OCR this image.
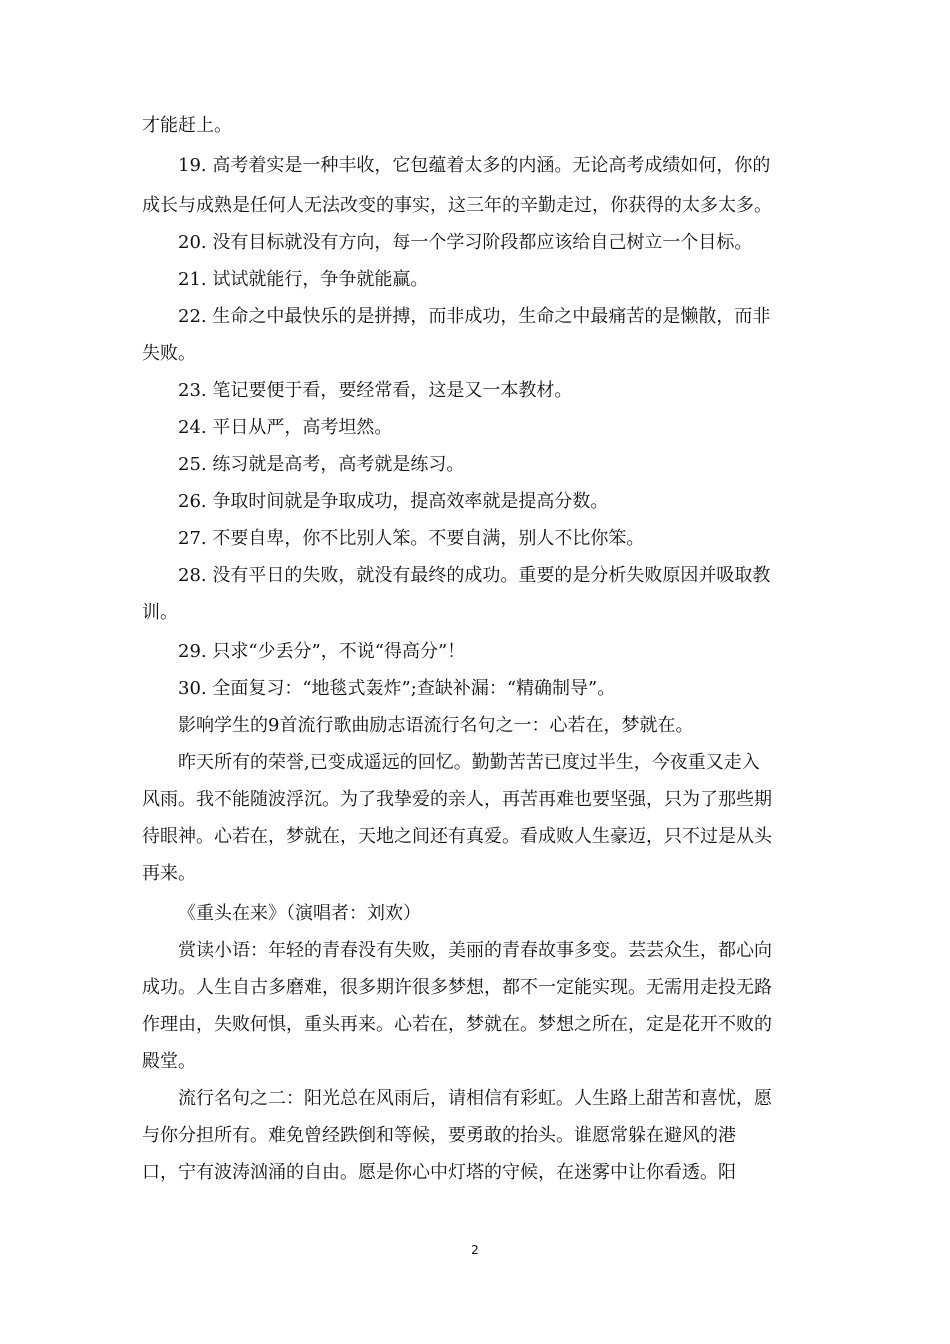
才能赶上。
19. 高考着实是一种丰收，它包蕴着太多的内涵。无论高考成绩如何，你的
成长与成熟是任何人无法改变的事实，这三年的辛勤走过，你获得的太多太多。
20. 没有目标就没有方向，每一个学习阶段都应该给自己树立一个目标。
21. 试试就能行，争争就能赢。
22. 生命之中最快乐的是拼搏，而非成功，生命之中最痛苦的是懒散，而非
失败。
23. 笔记要便于看，要经常看，这是又一本教材。
24. 平日从严，高考坦然。
25. 练习就是高考，高考就是练习。
26. 争取时间就是争取成功，提高效率就是提高分数。
27. 不要自卑，你不比别人笨。不要自满，别人不比你笨。
28. 没有平日的失败，就没有最终的成功。重要的是分析失败原因并吸取教
训。
29. 只求“少丢分”，不说“得高分”！
30. 全面复习：“地毯式轰炸”;查缺补漏：“精确制导”。
影响学生的9首流行歌曲励志语流行名句之一：心若在，梦就在。
昨天所有的荣誉,已变成遥远的回忆。勤勤苦苦已度过半生，今夜重又走入
风雨。我不能随波浮沉。为了我挚爱的亲人，再苦再难也要坚强，只为了那些期
待眼神。心若在，梦就在，天地之间还有真爱。看成败人生豪迈，只不过是从头
再来。
《重头在来》（演唱者：刘欢）
赏读小语：年轻的青春没有失败，美丽的青春故事多变。芸芸众生，都心向
成功。人生自古多磨难，很多期许很多梦想，都不一定能实现。无需用走投无路
作理由，失败何惧，重头再来。心若在，梦就在。梦想之所在，定是花开不败的
殿堂。
流行名句之二：阳光总在风雨后，请相信有彩虹。人生路上甜苦和喜忧，愿
与你分担所有。难免曾经跌倒和等候，要勇敢的抬头。谁愿常躲在避风的港
口，宁有波涛汹涌的自由。愿是你心中灯塔的守候，在迷雾中让你看透。阳
2
